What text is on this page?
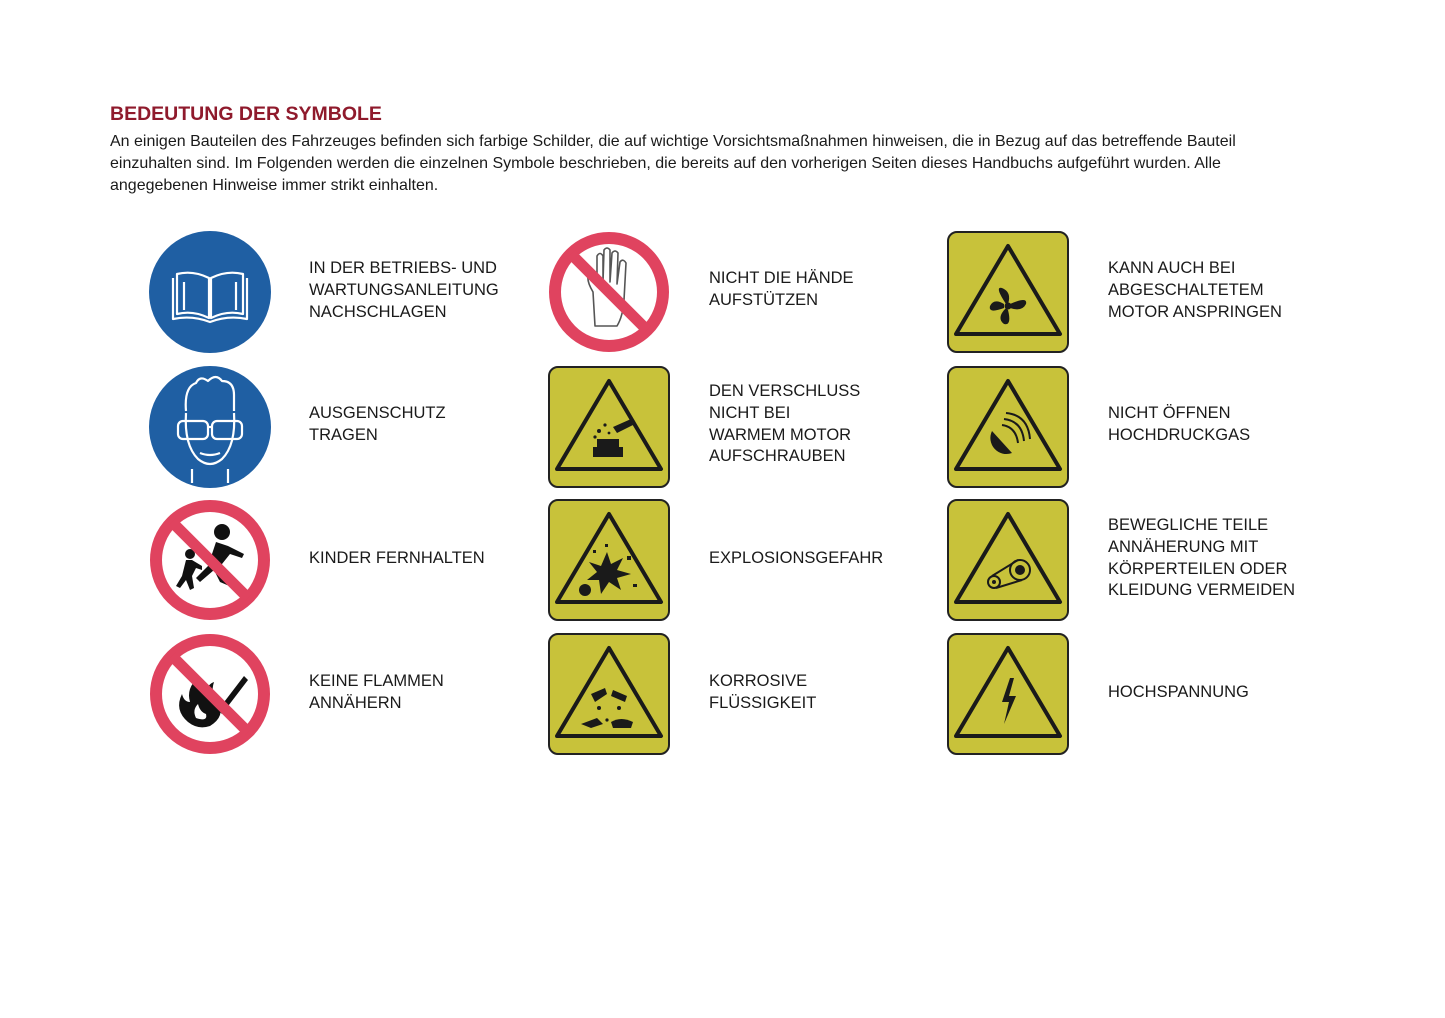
BEDEUTUNG DER SYMBOLE

An einigen Bauteilen des Fahrzeuges befinden sich farbige Schilder, die auf wichtige Vorsichtsmaßnahmen hinweisen, die in Bezug auf das betreffende Bauteil
einzuhalten sind. Im Folgenden werden die einzelnen Symbole beschrieben, die bereits auf den vorherigen Seiten dieses Handbuchs aufgeführt wurden. Alle
angegebenen Hinweise immer strikt einhalten.

IN DER BETRIEBS- UND
WARTUNGSANLEITUNG
NACHSCHLAGEN
NICHT DIE HÄNDE
AUFSTÜTZEN
KANN AUCH BEI
ABGESCHALTETEM
MOTOR ANSPRINGEN
AUSGENSCHUTZ
TRAGEN
DEN VERSCHLUSS
NICHT BEI
WARMEM MOTOR
AUFSCHRAUBEN
NICHT ÖFFNEN
HOCHDRUCKGAS
KINDER FERNHALTEN	EXPLOSIONSGEFAHR
BEWEGLICHE TEILE
ANNÄHERUNG MIT
KÖRPERTEILEN ODER
KLEIDUNG VERMEIDEN
KEINE FLAMMEN
ANNÄHERN
KORROSIVE
FLÜSSIGKEIT
HOCHSPANNUNG
